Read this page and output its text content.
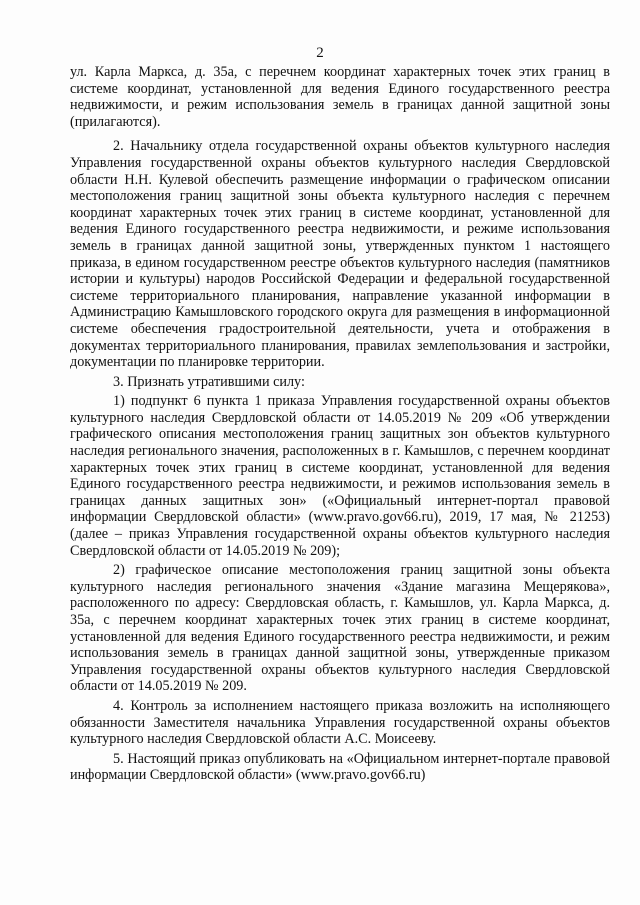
2

ул. Карла Маркса, д. 35а, с перечнем координат характерных точек этих границ в системе координат, установленной для ведения Единого государственного реестра недвижимости, и режим использования земель в границах данной защитной зоны (прилагаются).

2. Начальнику отдела государственной охраны объектов культурного наследия Управления государственной охраны объектов культурного наследия Свердловской области Н.Н. Кулевой обеспечить размещение информации о графическом описании местоположения границ защитной зоны объекта культурного наследия с перечнем координат характерных точек этих границ в системе координат, установленной для ведения Единого государственного реестра недвижимости, и режиме использования земель в границах данной защитной зоны, утвержденных пунктом 1 настоящего приказа, в едином государственном реестре объектов культурного наследия (памятников истории и культуры) народов Российской Федерации и федеральной государственной системе территориального планирования, направление указанной информации в Администрацию Камышловского городского округа для размещения в информационной системе обеспечения градостроительной деятельности, учета и отображения в документах территориального планирования, правилах землепользования и застройки, документации по планировке территории.

3. Признать утратившими силу:

1) подпункт 6 пункта 1 приказа Управления государственной охраны объектов культурного наследия Свердловской области от 14.05.2019 № 209 «Об утверждении графического описания местоположения границ защитных зон объектов культурного наследия регионального значения, расположенных в г. Камышлов, с перечнем координат характерных точек этих границ в системе координат, установленной для ведения Единого государственного реестра недвижимости, и режимов использования земель в границах данных защитных зон» («Официальный интернет-портал правовой информации Свердловской области» (www.pravo.gov66.ru), 2019, 17 мая, № 21253) (далее – приказ Управления государственной охраны объектов культурного наследия Свердловской области от 14.05.2019 № 209);

2) графическое описание местоположения границ защитной зоны объекта культурного наследия регионального значения «Здание магазина Мещерякова», расположенного по адресу: Свердловская область, г. Камышлов, ул. Карла Маркса, д. 35а, с перечнем координат характерных точек этих границ в системе координат, установленной для ведения Единого государственного реестра недвижимости, и режим использования земель в границах данной защитной зоны, утвержденные приказом Управления государственной охраны объектов культурного наследия Свердловской области от 14.05.2019 № 209.

4. Контроль за исполнением настоящего приказа возложить на исполняющего обязанности Заместителя начальника Управления государственной охраны объектов культурного наследия Свердловской области А.С. Моисееву.

5. Настоящий приказ опубликовать на «Официальном интернет-портале правовой информации Свердловской области» (www.pravo.gov66.ru)
